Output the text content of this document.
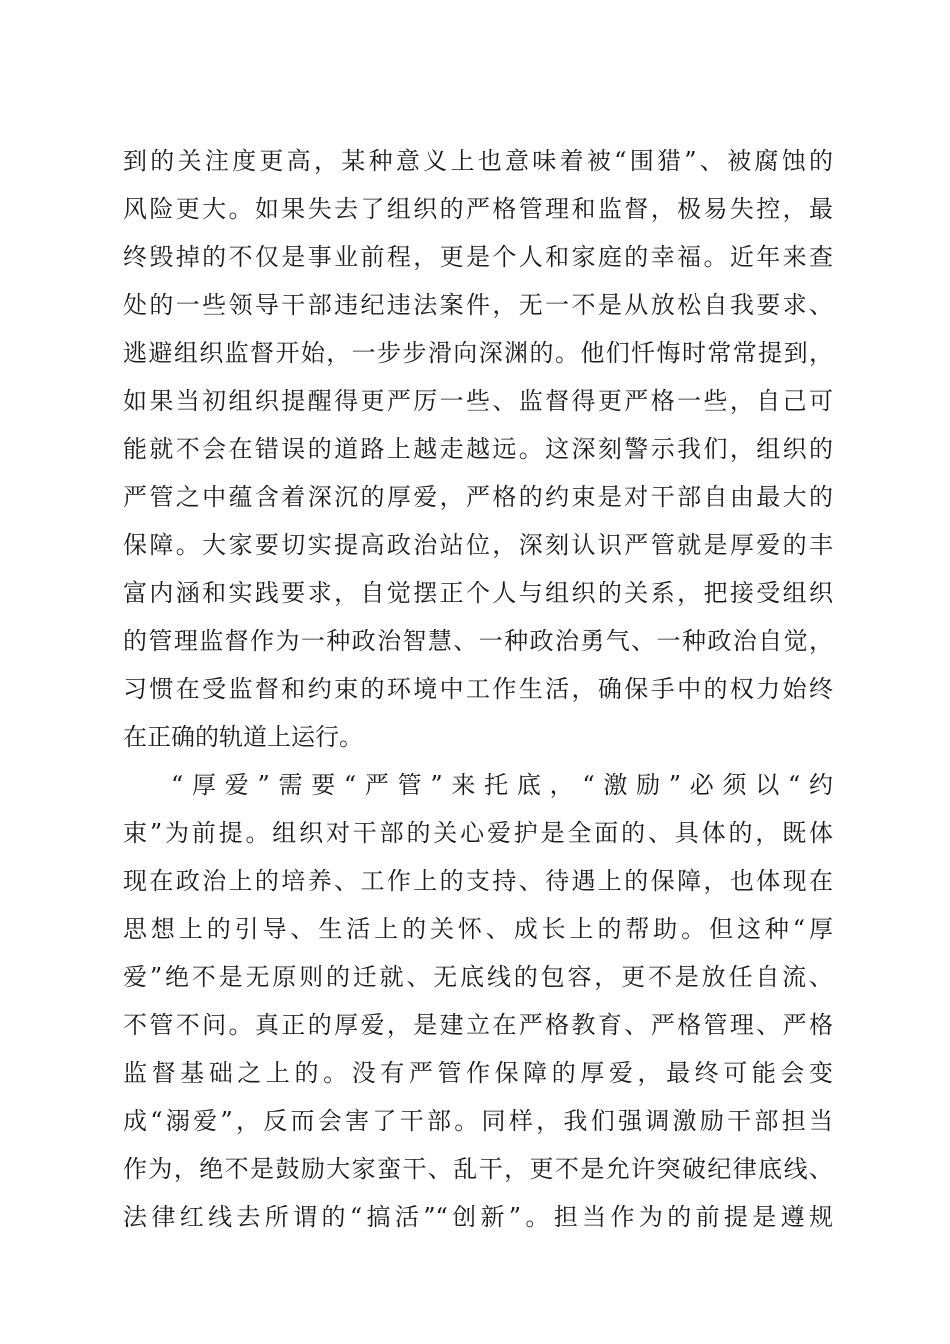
到的关注度更高，某种意义上也意味着被“围猎”、被腐蚀的
风险更大。如果失去了组织的严格管理和监督，极易失控，最
终毁掉的不仅是事业前程，更是个人和家庭的幸福。近年来查
处的一些领导干部违纪违法案件，无一不是从放松自我要求、
逃避组织监督开始，一步步滑向深渊的。他们忏悔时常常提到，
如果当初组织提醒得更严厉一些、监督得更严格一些，自己可
能就不会在错误的道路上越走越远。这深刻警示我们，组织的
严管之中蕴含着深沉的厚爱，严格的约束是对干部自由最大的
保障。大家要切实提高政治站位，深刻认识严管就是厚爱的丰
富内涵和实践要求，自觉摆正个人与组织的关系，把接受组织
的管理监督作为一种政治智慧、一种政治勇气、一种政治自觉，
习惯在受监督和约束的环境中工作生活，确保手中的权力始终
在正确的轨道上运行。
“厚爱”需要“严管”来托底，“激励”必须以“约
束”为前提。组织对干部的关心爱护是全面的、具体的，既体
现在政治上的培养、工作上的支持、待遇上的保障，也体现在
思想上的引导、生活上的关怀、成长上的帮助。但这种“厚
爱”绝不是无原则的迁就、无底线的包容，更不是放任自流、
不管不问。真正的厚爱，是建立在严格教育、严格管理、严格
监督基础之上的。没有严管作保障的厚爱，最终可能会变
成“溺爱”，反而会害了干部。同样，我们强调激励干部担当
作为，绝不是鼓励大家蛮干、乱干，更不是允许突破纪律底线、
法律红线去所谓的“搞活”“创新”。担当作为的前提是遵规
